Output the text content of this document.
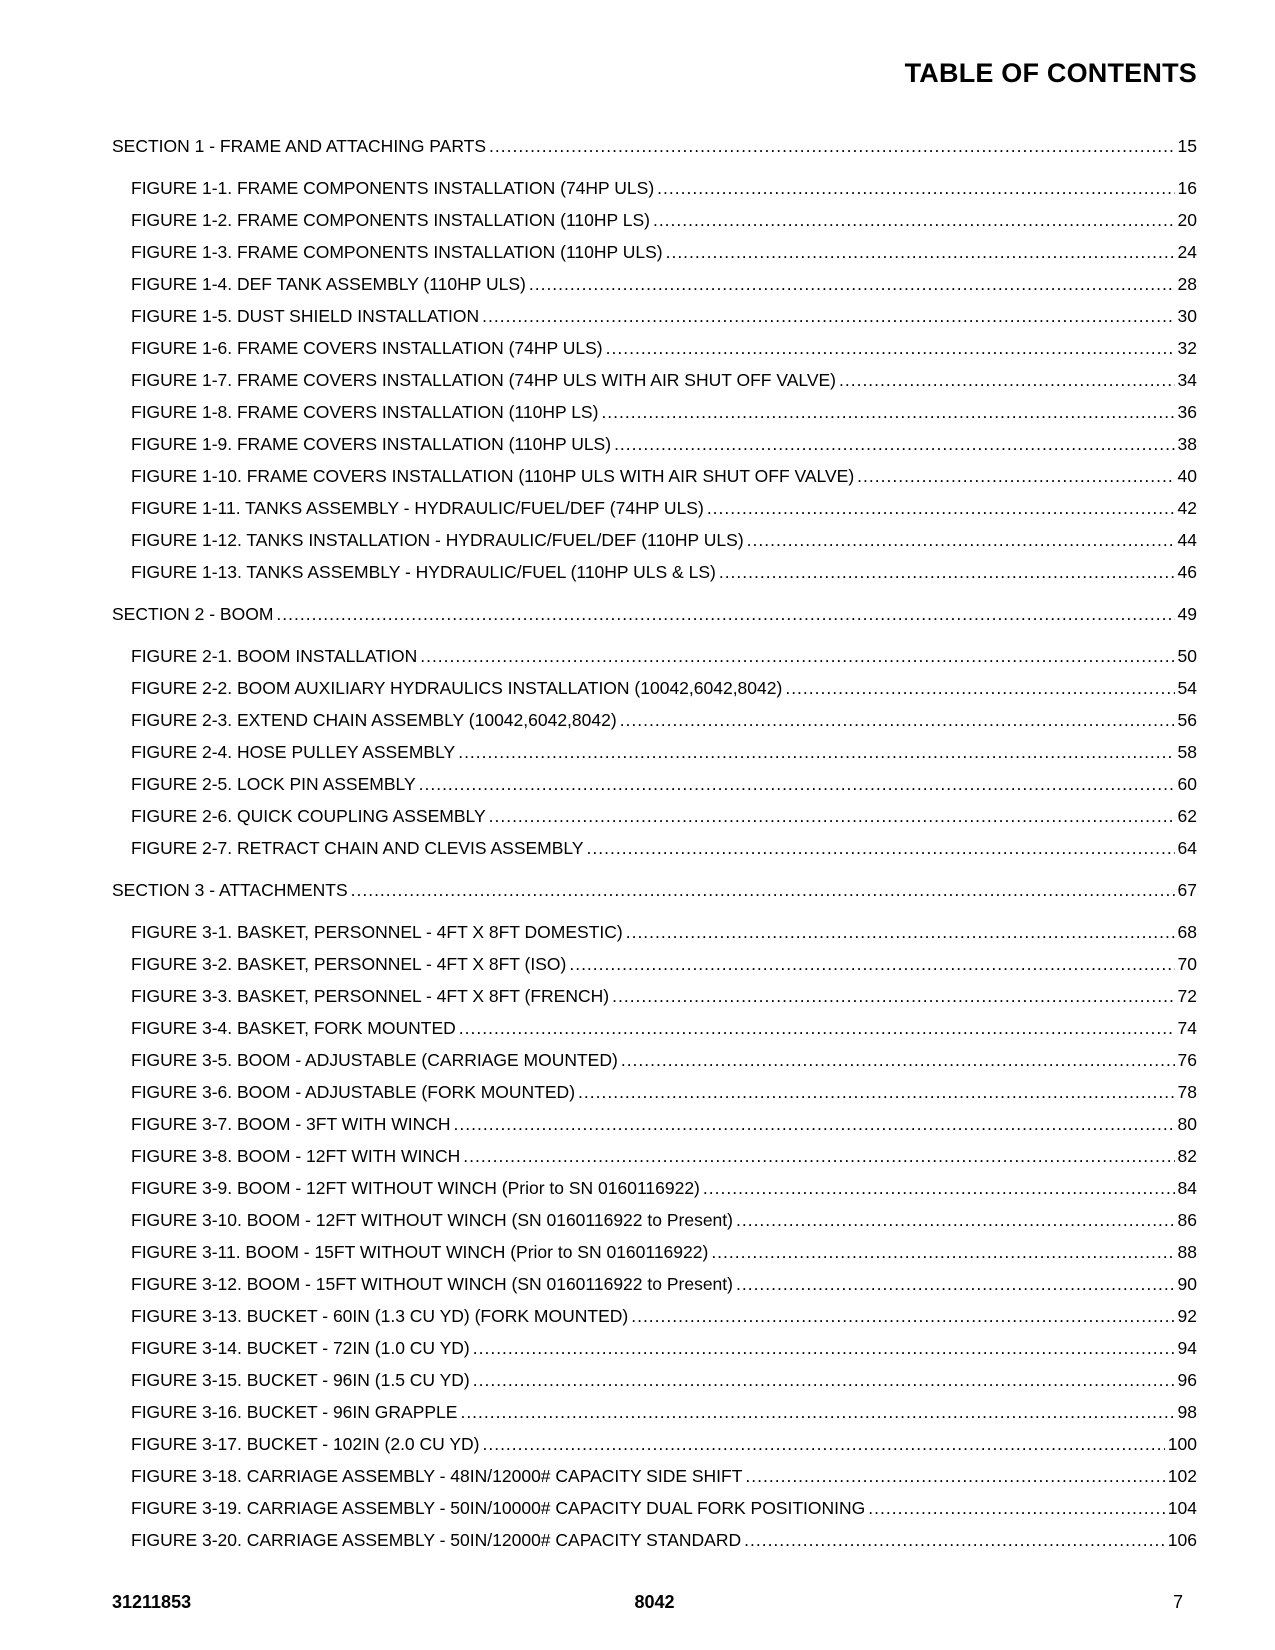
TABLE OF CONTENTS
SECTION 1 - FRAME AND ATTACHING PARTS .....	15
FIGURE 1-1. FRAME COMPONENTS INSTALLATION (74HP ULS) .....	16
FIGURE 1-2. FRAME COMPONENTS INSTALLATION (110HP LS) .....	20
FIGURE 1-3. FRAME COMPONENTS INSTALLATION (110HP ULS) .....	24
FIGURE 1-4. DEF TANK ASSEMBLY (110HP ULS) .....	28
FIGURE 1-5. DUST SHIELD INSTALLATION .....	30
FIGURE 1-6. FRAME COVERS INSTALLATION (74HP ULS) .....	32
FIGURE 1-7. FRAME COVERS INSTALLATION (74HP ULS WITH AIR SHUT OFF VALVE) .....	34
FIGURE 1-8. FRAME COVERS INSTALLATION (110HP LS) .....	36
FIGURE 1-9. FRAME COVERS INSTALLATION (110HP ULS) .....	38
FIGURE 1-10. FRAME COVERS INSTALLATION (110HP ULS WITH AIR SHUT OFF VALVE) .....	40
FIGURE 1-11. TANKS ASSEMBLY - HYDRAULIC/FUEL/DEF (74HP ULS) .....	42
FIGURE 1-12. TANKS INSTALLATION - HYDRAULIC/FUEL/DEF (110HP ULS) .....	44
FIGURE 1-13. TANKS ASSEMBLY - HYDRAULIC/FUEL (110HP ULS & LS) .....	46
SECTION 2 - BOOM .....	49
FIGURE 2-1. BOOM INSTALLATION .....	50
FIGURE 2-2. BOOM AUXILIARY HYDRAULICS INSTALLATION (10042,6042,8042) .....	54
FIGURE 2-3. EXTEND CHAIN ASSEMBLY (10042,6042,8042) .....	56
FIGURE 2-4. HOSE PULLEY ASSEMBLY .....	58
FIGURE 2-5. LOCK PIN ASSEMBLY .....	60
FIGURE 2-6. QUICK COUPLING ASSEMBLY .....	62
FIGURE 2-7. RETRACT CHAIN AND CLEVIS ASSEMBLY .....	64
SECTION 3 - ATTACHMENTS .....	67
FIGURE 3-1. BASKET, PERSONNEL - 4FT X 8FT DOMESTIC) .....	68
FIGURE 3-2. BASKET, PERSONNEL - 4FT X 8FT (ISO) .....	70
FIGURE 3-3. BASKET, PERSONNEL - 4FT X 8FT (FRENCH) .....	72
FIGURE 3-4. BASKET, FORK MOUNTED .....	74
FIGURE 3-5. BOOM - ADJUSTABLE (CARRIAGE MOUNTED) .....	76
FIGURE 3-6. BOOM - ADJUSTABLE (FORK MOUNTED) .....	78
FIGURE 3-7. BOOM - 3FT WITH WINCH .....	80
FIGURE 3-8. BOOM - 12FT WITH WINCH .....	82
FIGURE 3-9. BOOM - 12FT WITHOUT WINCH (Prior to SN 0160116922) .....	84
FIGURE 3-10. BOOM - 12FT WITHOUT WINCH (SN 0160116922 to Present) .....	86
FIGURE 3-11. BOOM - 15FT WITHOUT WINCH (Prior to SN 0160116922) .....	88
FIGURE 3-12. BOOM - 15FT WITHOUT WINCH (SN 0160116922 to Present) .....	90
FIGURE 3-13. BUCKET - 60IN (1.3 CU YD) (FORK MOUNTED) .....	92
FIGURE 3-14. BUCKET - 72IN (1.0 CU YD) .....	94
FIGURE 3-15. BUCKET - 96IN (1.5 CU YD) .....	96
FIGURE 3-16. BUCKET - 96IN GRAPPLE .....	98
FIGURE 3-17. BUCKET - 102IN (2.0 CU YD) .....	100
FIGURE 3-18. CARRIAGE ASSEMBLY - 48IN/12000# CAPACITY SIDE SHIFT .....	102
FIGURE 3-19. CARRIAGE ASSEMBLY - 50IN/10000# CAPACITY DUAL FORK POSITIONING .....	104
FIGURE 3-20. CARRIAGE ASSEMBLY - 50IN/12000# CAPACITY STANDARD .....	106
31211853	8042	7
